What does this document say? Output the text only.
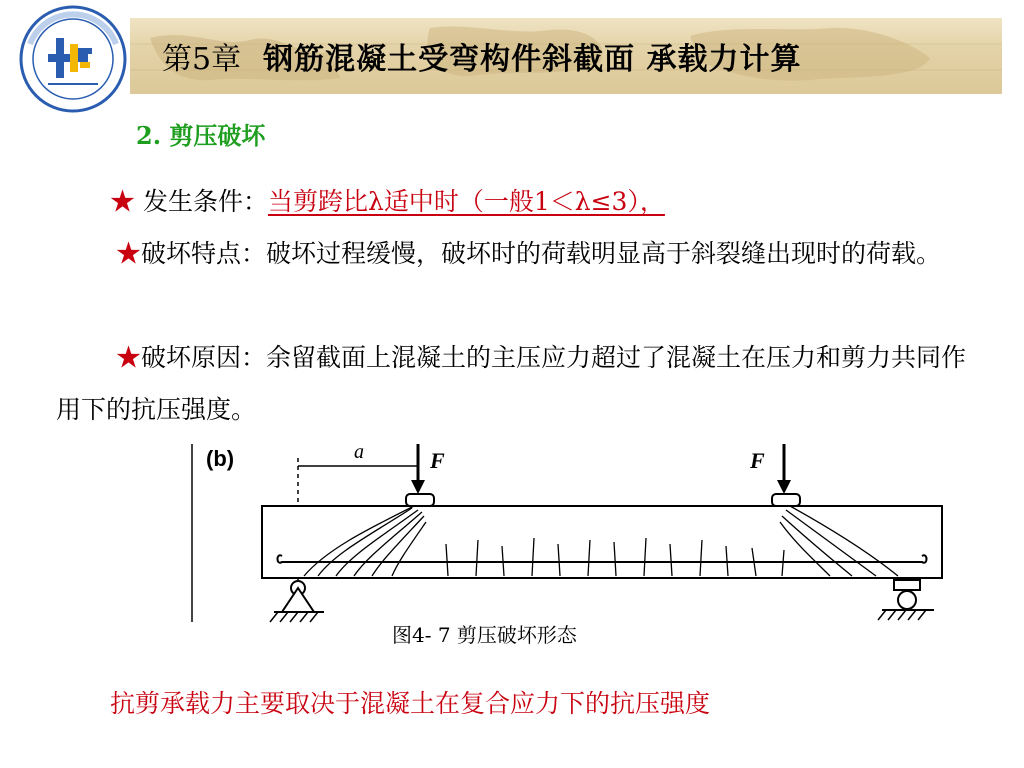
第5章 钢筋混凝土受弯构件斜截面 承载力计算
2. 剪压破坏
★ 发生条件：当剪跨比λ适中时（一般1＜λ≤3），
★破坏特点：破坏过程缓慢，破坏时的荷载明显高于斜裂缝出现时的荷载。
★破坏原因：余留截面上混凝土的主压应力超过了混凝土在压力和剪力共同作用下的抗压强度。
(b)	a	F	F
图4- 7 剪压破坏形态
抗剪承载力主要取决于混凝土在复合应力下的抗压强度
